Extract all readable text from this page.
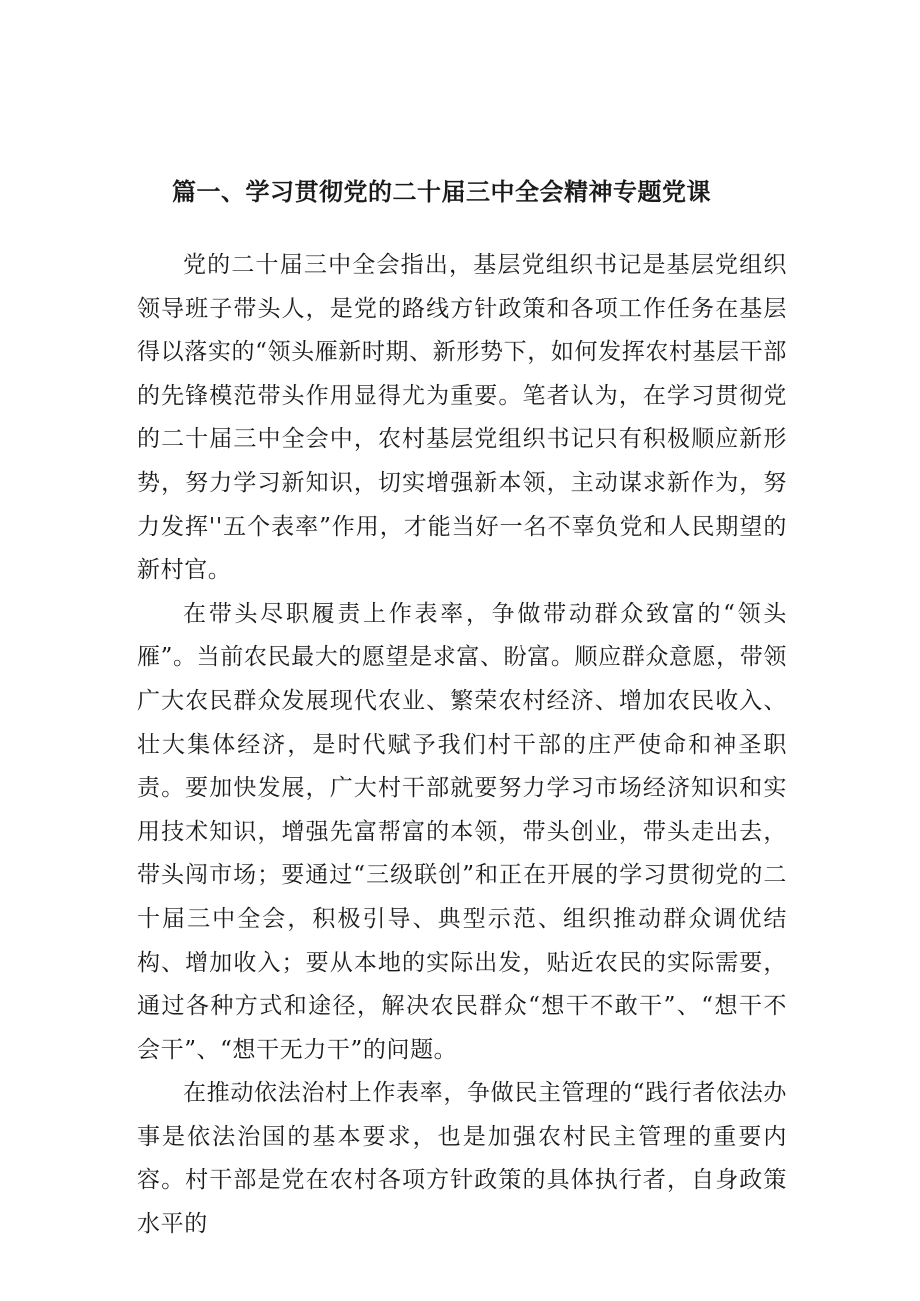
篇一、学习贯彻党的二十届三中全会精神专题党课

党的二十届三中全会指出，基层党组织书记是基层党组织领导班子带头人，是党的路线方针政策和各项工作任务在基层得以落实的“领头雁新时期、新形势下，如何发挥农村基层干部的先锋模范带头作用显得尤为重要。笔者认为，在学习贯彻党的二十届三中全会中，农村基层党组织书记只有积极顺应新形势，努力学习新知识，切实增强新本领，主动谋求新作为，努力发挥''五个表率”作用，才能当好一名不辜负党和人民期望的新村官。

在带头尽职履责上作表率，争做带动群众致富的“领头雁”。当前农民最大的愿望是求富、盼富。顺应群众意愿，带领广大农民群众发展现代农业、繁荣农村经济、增加农民收入、壮大集体经济，是时代赋予我们村干部的庄严使命和神圣职责。要加快发展，广大村干部就要努力学习市场经济知识和实用技术知识，增强先富帮富的本领，带头创业，带头走出去，带头闯市场；要通过“三级联创”和正在开展的学习贯彻党的二十届三中全会，积极引导、典型示范、组织推动群众调优结构、增加收入；要从本地的实际出发，贴近农民的实际需要，通过各种方式和途径，解决农民群众“想干不敢干”、“想干不会干”、“想干无力干”的问题。

在推动依法治村上作表率，争做民主管理的“践行者依法办事是依法治国的基本要求，也是加强农村民主管理的重要内容。村干部是党在农村各项方针政策的具体执行者，自身政策水平的
